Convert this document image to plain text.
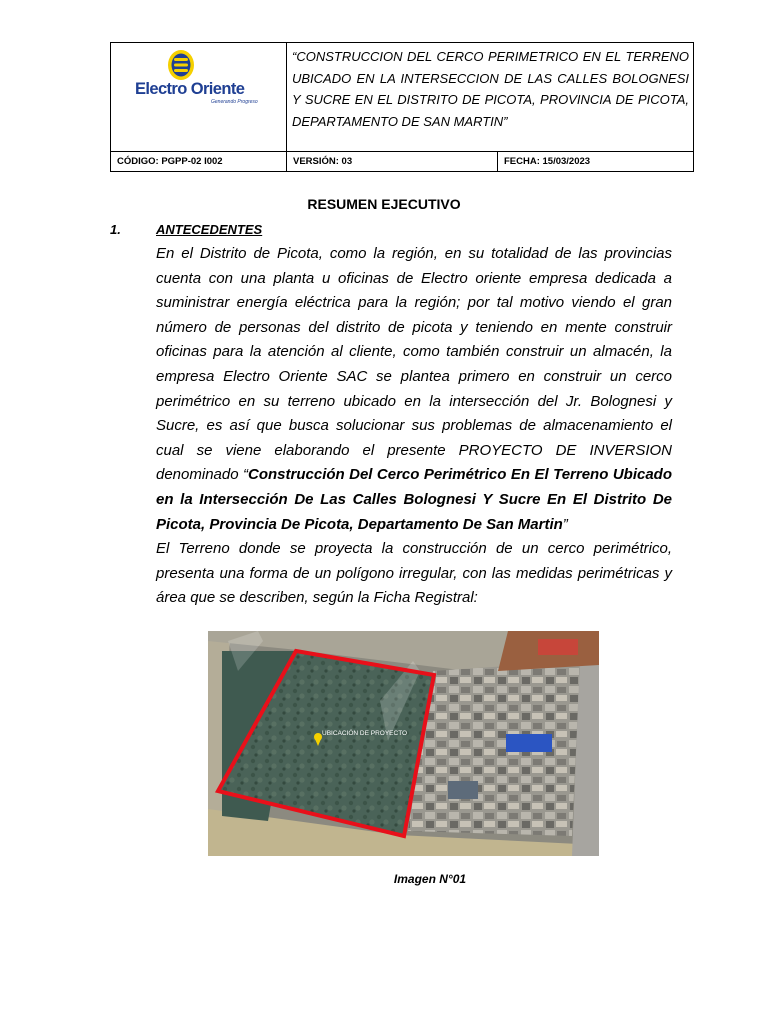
Electro Oriente
Generando Progreso
“CONSTRUCCION DEL CERCO PERIMETRICO EN EL TERRENO UBICADO EN LA INTERSECCION DE LAS CALLES BOLOGNESI Y SUCRE EN EL DISTRITO DE PICOTA, PROVINCIA DE PICOTA, DEPARTAMENTO DE SAN MARTIN”
CÓDIGO: PGPP-02 I002	VERSIÓN: 03	FECHA: 15/03/2023
RESUMEN EJECUTIVO
1.	ANTECEDENTES

En el Distrito de Picota, como la región, en su totalidad de las provincias cuenta con una planta u oficinas de Electro oriente empresa dedicada a suministrar energía eléctrica para la región; por tal motivo viendo el gran número de personas del distrito de picota y teniendo en mente construir oficinas para la atención al cliente, como también construir un almacén, la empresa Electro Oriente SAC se plantea primero en construir un cerco perimétrico en su terreno ubicado en la intersección del Jr. Bolognesi y Sucre, es así que busca solucionar sus problemas de almacenamiento el cual se viene elaborando el presente PROYECTO DE INVERSION denominado “Construcción Del Cerco Perimétrico En El Terreno Ubicado en la Intersección De Las Calles Bolognesi Y Sucre En El Distrito De Picota, Provincia De Picota, Departamento De San Martin”

El Terreno donde se proyecta la construcción de un cerco perimétrico, presenta una forma de un polígono irregular, con las medidas perimétricas y área que se describen, según la Ficha Registral:

UBICACIÓN DE PROYECTO
Imagen N°01
